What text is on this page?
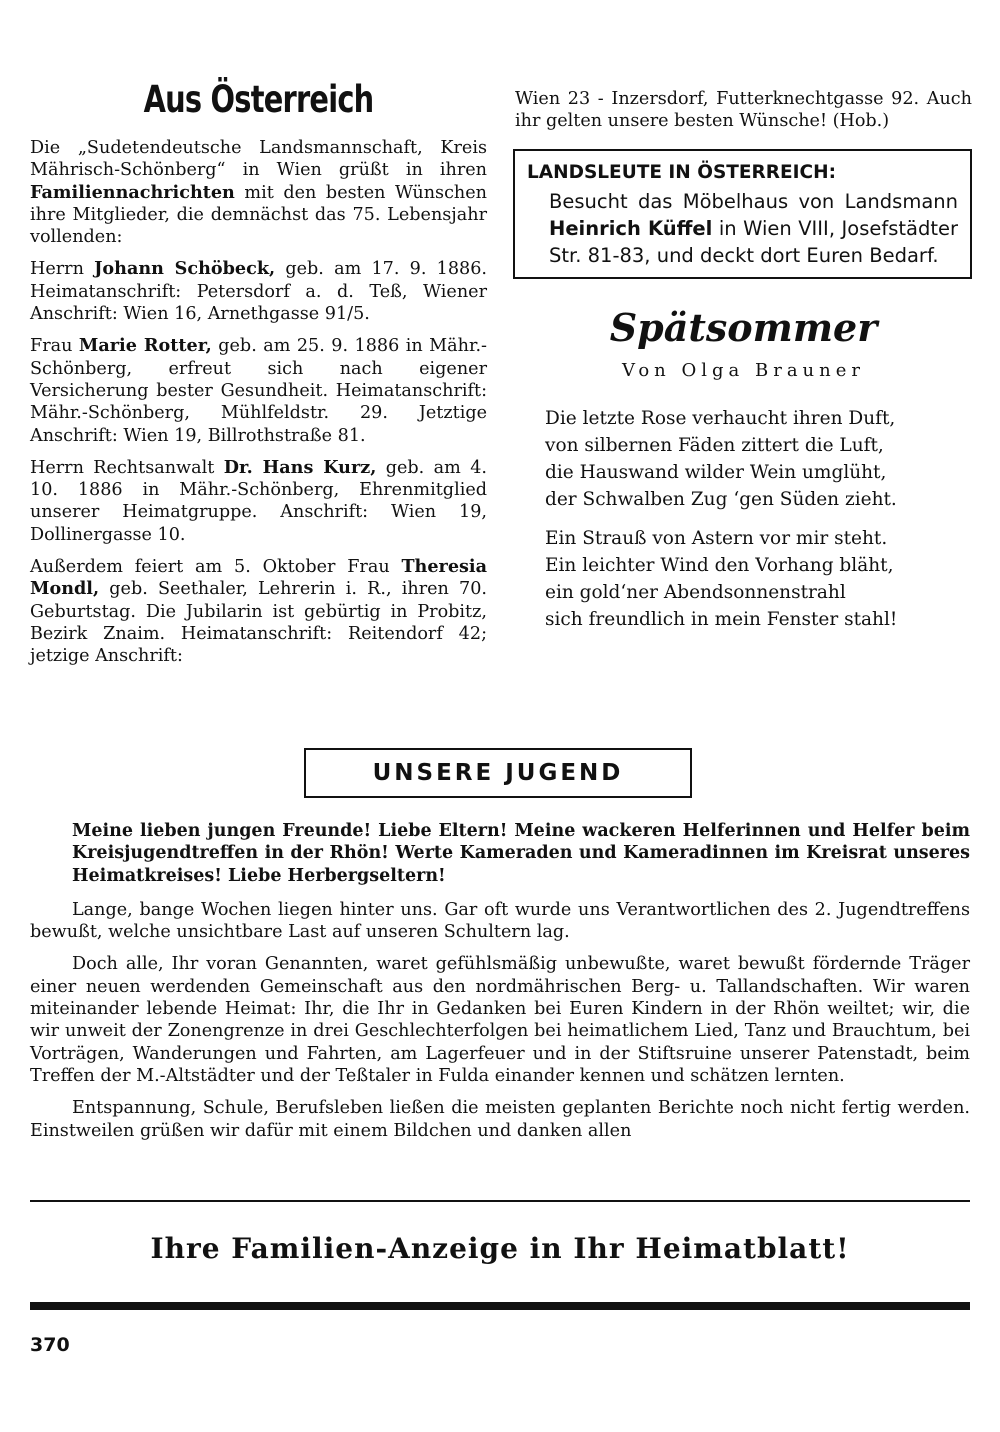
Aus Österreich

Die „Sudetendeutsche Landsmannschaft, Kreis Mährisch-Schönberg“ in Wien grüßt in ihren Familiennachrichten mit den besten Wünschen ihre Mitglieder, die demnächst das 75. Lebensjahr vollenden:

Herrn Johann Schöbeck, geb. am 17. 9. 1886. Heimatanschrift: Petersdorf a. d. Teß, Wiener Anschrift: Wien 16, Arnethgasse 91/5.

Frau Marie Rotter, geb. am 25. 9. 1886 in Mähr.-Schönberg, erfreut sich nach eigener Versicherung bester Gesundheit. Heimatanschrift: Mähr.-Schönberg, Mühlfeldstr. 29. Jetztige Anschrift: Wien 19, Billrothstraße 81.

Herrn Rechtsanwalt Dr. Hans Kurz, geb. am 4. 10. 1886 in Mähr.-Schönberg, Ehrenmitglied unserer Heimatgruppe. Anschrift: Wien 19, Dollinergasse 10.

Außerdem feiert am 5. Oktober Frau Theresia Mondl, geb. Seethaler, Lehrerin i. R., ihren 70. Geburtstag. Die Jubilarin ist gebürtig in Probitz, Bezirk Znaim. Heimatanschrift: Reitendorf 42; jetzige Anschrift:

Wien 23 - Inzersdorf, Futterknechtgasse 92. Auch ihr gelten unsere besten Wünsche! (Hob.)

LANDSLEUTE IN ÖSTERREICH:
Besucht das Möbelhaus von Landsmann Heinrich Küffel in Wien VIII, Josefstädter Str. 81-83, und deckt dort Euren Bedarf.
Spätsommer
Von Olga Brauner
Die letzte Rose verhaucht ihren Duft,
von silbernen Fäden zittert die Luft,
die Hauswand wilder Wein umglüht,
der Schwalben Zug ‘gen Süden zieht.
Ein Strauß von Astern vor mir steht.
Ein leichter Wind den Vorhang bläht,
ein gold‘ner Abendsonnenstrahl
sich freundlich in mein Fenster stahl!
UNSERE JUGEND

Meine lieben jungen Freunde! Liebe Eltern! Meine wackeren Helferinnen und Helfer beim Kreisjugendtreffen in der Rhön! Werte Kameraden und Kameradinnen im Kreisrat unseres Heimatkreises! Liebe Herbergseltern!

Lange, bange Wochen liegen hinter uns. Gar oft wurde uns Verantwortlichen des 2. Jugendtreffens bewußt, welche unsichtbare Last auf unseren Schultern lag.

Doch alle, Ihr voran Genannten, waret gefühlsmäßig unbewußte, waret bewußt fördernde Träger einer neuen werdenden Gemeinschaft aus den nordmährischen Berg- u. Tallandschaften. Wir waren miteinander lebende Heimat: Ihr, die Ihr in Gedanken bei Euren Kindern in der Rhön weiltet; wir, die wir unweit der Zonengrenze in drei Geschlechterfolgen bei heimatlichem Lied, Tanz und Brauchtum, bei Vorträgen, Wanderungen und Fahrten, am Lagerfeuer und in der Stiftsruine unserer Patenstadt, beim Treffen der M.-Altstädter und der Teßtaler in Fulda einander kennen und schätzen lernten.

Entspannung, Schule, Berufsleben ließen die meisten geplanten Berichte noch nicht fertig werden. Einstweilen grüßen wir dafür mit einem Bildchen und danken allen

Ihre Familien-Anzeige in Ihr Heimatblatt!
370
